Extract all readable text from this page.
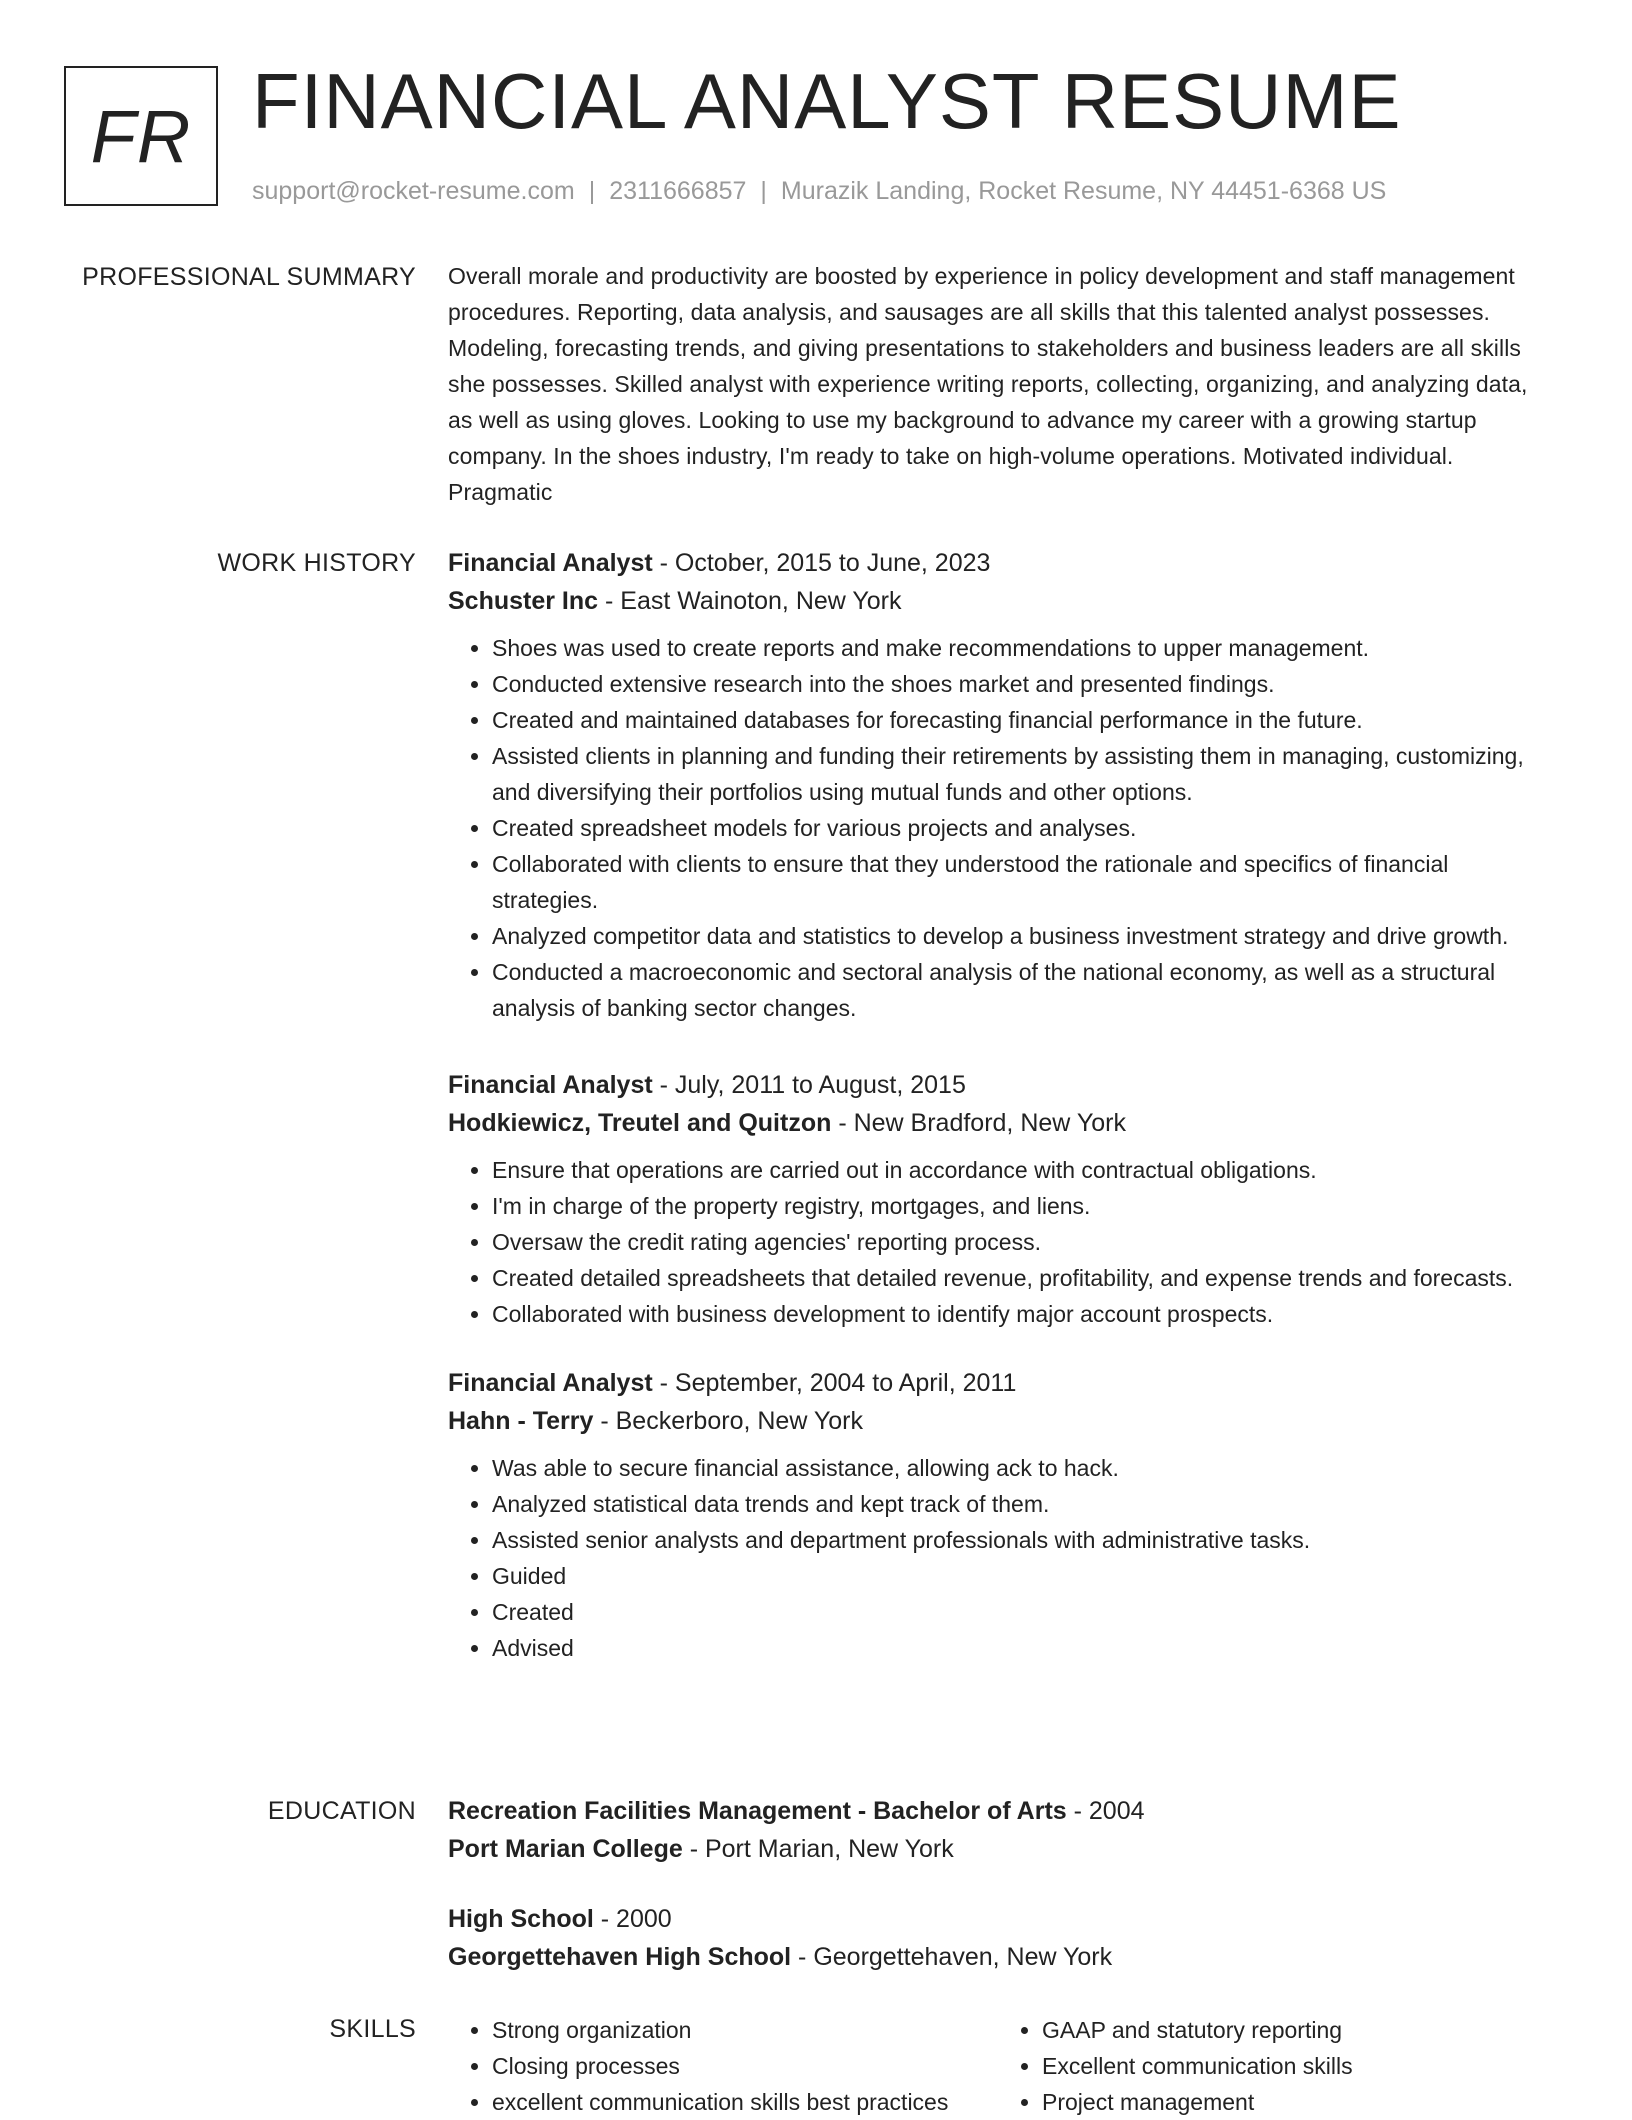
FR FINANCIAL ANALYST RESUME
support@rocket-resume.com | 2311666857 | Murazik Landing, Rocket Resume, NY 44451-6368 US
PROFESSIONAL SUMMARY Overall morale and productivity are boosted by experience in policy development and staff management procedures. Reporting, data analysis, and sausages are all skills that this talented analyst possesses. Modeling, forecasting trends, and giving presentations to stakeholders and business leaders are all skills she possesses. Skilled analyst with experience writing reports, collecting, organizing, and analyzing data, as well as using gloves. Looking to use my background to advance my career with a growing startup company. In the shoes industry, I'm ready to take on high-volume operations. Motivated individual. Pragmatic
WORK HISTORY Financial Analyst - October, 2015 to June, 2023
Schuster Inc - East Wainoton, New York
• Shoes was used to create reports and make recommendations to upper management.
• Conducted extensive research into the shoes market and presented findings.
• Created and maintained databases for forecasting financial performance in the future.
• Assisted clients in planning and funding their retirements by assisting them in managing, customizing, and diversifying their portfolios using mutual funds and other options.
• Created spreadsheet models for various projects and analyses.
• Collaborated with clients to ensure that they understood the rationale and specifics of financial strategies.
• Analyzed competitor data and statistics to develop a business investment strategy and drive growth.
• Conducted a macroeconomic and sectoral analysis of the national economy, as well as a structural analysis of banking sector changes.
Financial Analyst - July, 2011 to August, 2015
Hodkiewicz, Treutel and Quitzon - New Bradford, New York
• Ensure that operations are carried out in accordance with contractual obligations.
• I'm in charge of the property registry, mortgages, and liens.
• Oversaw the credit rating agencies' reporting process.
• Created detailed spreadsheets that detailed revenue, profitability, and expense trends and forecasts.
• Collaborated with business development to identify major account prospects.
Financial Analyst - September, 2004 to April, 2011
Hahn - Terry - Beckerboro, New York
• Was able to secure financial assistance, allowing ack to hack.
• Analyzed statistical data trends and kept track of them.
• Assisted senior analysts and department professionals with administrative tasks.
• Guided
• Created
• Advised
EDUCATION Recreation Facilities Management - Bachelor of Arts - 2004
Port Marian College - Port Marian, New York
High School - 2000
Georgettehaven High School - Georgettehaven, New York
SKILLS
•	Strong organization
• Closing processes
• excellent communication skills best practices
• GAAP and statutory reporting
• Excellent communication skills
• Project management
